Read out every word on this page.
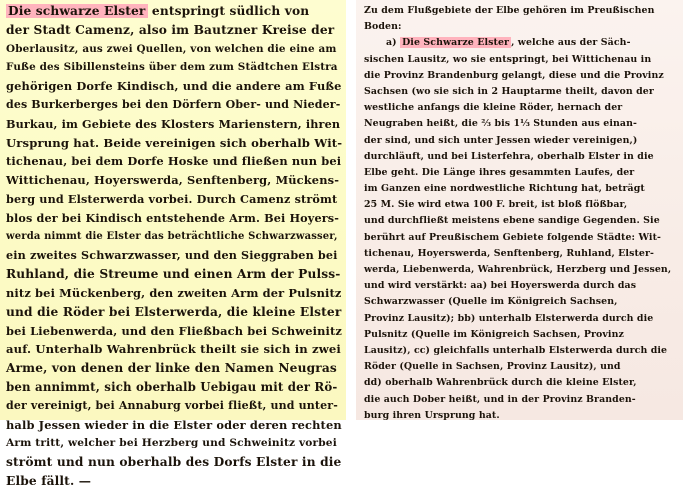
Die schwarze Elster entspringt südlich von
der Stadt Camenz, also im Bautzner Kreise der
Oberlausitz, aus zwei Quellen, von welchen die eine am
Fuße des Sibillensteins über dem zum Städtchen Elstra
gehörigen Dorfe Kindisch, und die andere am Fuße
des Burkerberges bei den Dörfern Ober- und Nieder-
Burkau, im Gebiete des Klosters Marienstern, ihren
Ursprung hat. Beide vereinigen sich oberhalb Wit-
tichenau, bei dem Dorfe Hoske und fließen nun bei
Wittichenau, Hoyerswerda, Senftenberg, Mückens-
berg und Elsterwerda vorbei. Durch Camenz strömt
blos der bei Kindisch entstehende Arm. Bei Hoyers-
werda nimmt die Elster das beträchtliche Schwarzwasser,
ein zweites Schwarzwasser, und den Sieggraben bei
Ruhland, die Streume und einen Arm der Pulss-
nitz bei Mückenberg, den zweiten Arm der Pulsnitz
und die Röder bei Elsterwerda, die kleine Elster
bei Liebenwerda, und den Fließbach bei Schweinitz
auf. Unterhalb Wahrenbrück theilt sie sich in zwei
Arme, von denen der linke den Namen Neugras
ben annimmt, sich oberhalb Uebigau mit der Rö-
der vereinigt, bei Annaburg vorbei fließt, und unter-
halb Jessen wieder in die Elster oder deren rechten
Arm tritt, welcher bei Herzberg und Schweinitz vorbei
strömt und nun oberhalb des Dorfs Elster in die
Elbe fällt. —
Zu dem Flußgebiete der Elbe gehören im Preußischen
Boden:
a) Die Schwarze Elster , welche aus der Säch-
sischen Lausitz, wo sie entspringt, bei Wittichenau in
die Provinz Brandenburg gelangt, diese und die Provinz
Sachsen (wo sie sich in 2 Hauptarme theilt, davon der
westliche anfangs die kleine Röder, hernach der
Neugraben heißt, die ⅔ bis 1⅓ Stunden aus einan-
der sind, und sich unter Jessen wieder vereinigen,)
durchläuft, und bei Listerfehra, oberhalb Elster in die
Elbe geht. Die Länge ihres gesammten Laufes, der
im Ganzen eine nordwestliche Richtung hat, beträgt
25 M. Sie wird etwa 100 F. breit, ist bloß flößbar,
und durchfließt meistens ebene sandige Gegenden. Sie
berührt auf Preußischem Gebiete folgende Städte: Wit-
tichenau, Hoyerswerda, Senftenberg, Ruhland, Elster-
werda, Liebenwerda, Wahrenbrück, Herzberg und Jessen,
und wird verstärkt: aa) bei Hoyerswerda durch das
Schwarzwasser (Quelle im Königreich Sachsen,
Provinz Lausitz); bb) unterhalb Elsterwerda durch die
Pulsnitz (Quelle im Königreich Sachsen, Provinz
Lausitz), cc) gleichfalls unterhalb Elsterwerda durch die
Röder (Quelle in Sachsen, Provinz Lausitz), und
dd) oberhalb Wahrenbrück durch die kleine Elster,
die auch Dober heißt, und in der Provinz Branden-
burg ihren Ursprung hat.
